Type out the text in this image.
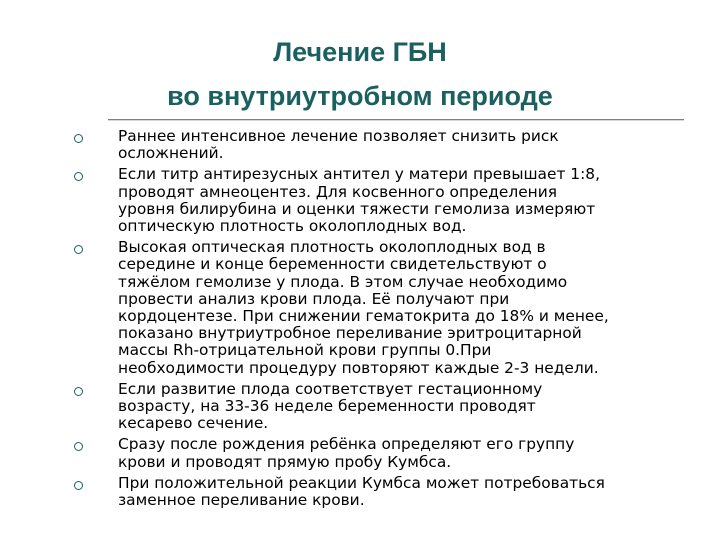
Лечение ГБН
во внутриутробном периоде
Раннее интенсивное лечение позволяет снизить риск
осложнений.
Если титр антирезусных антител у матери превышает 1:8,
проводят амнеоцентез. Для косвенного определения
уровня билирубина и оценки тяжести гемолиза измеряют
оптическую плотность околоплодных вод.
Высокая оптическая плотность околоплодных вод в
середине и конце беременности свидетельствуют о
тяжёлом гемолизе у плода. В этом случае необходимо
провести анализ крови плода. Её получают при
кордоцентезе. При снижении гематокрита до 18% и менее,
показано внутриутробное переливание эритроцитарной
массы Rh-отрицательной крови группы 0.При
необходимости процедуру повторяют каждые 2-3 недели.
Если развитие плода соответствует гестационному
возрасту, на 33-36 неделе беременности проводят
кесарево сечение.
Сразу после рождения ребёнка определяют его группу
крови и проводят прямую пробу Кумбса.
При положительной реакции Кумбса может потребоваться
заменное переливание крови.
